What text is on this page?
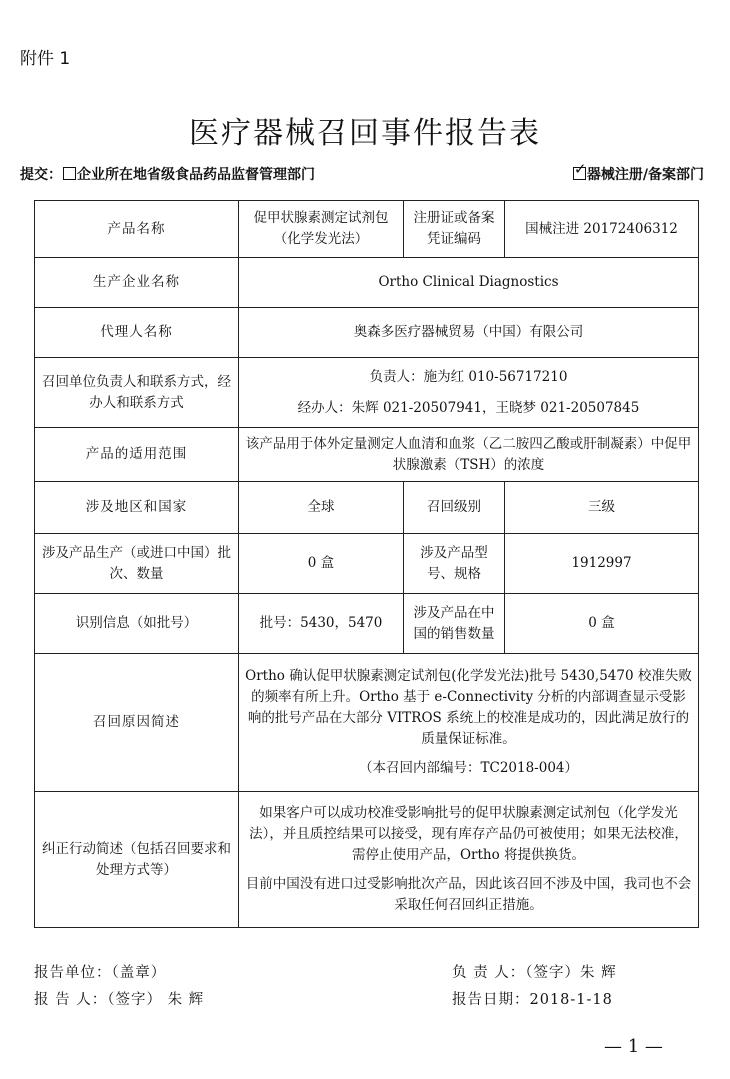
附件 1
医疗器械召回事件报告表
提交： 企业所在地省级食品药品监督管理部门 ✓	器械注册/备案部门
产品名称	促甲状腺素测定试剂包（化学发光法）	注册证或备案凭证编码	国械注进 20172406312
生产企业名称	Ortho Clinical Diagnostics		
代理人名称	奥森多医疗器械贸易（中国）有限公司		
召回单位负责人和联系方式，经办人和联系方式	负责人：施为红 010-56717210

经办人：朱辉 021-20507941，王晓梦 021-20507845		

产品的适用范围	该产品用于体外定量测定人血清和血浆（乙二胺四乙酸或肝制凝素）中促甲状腺激素（TSH）的浓度		
涉及地区和国家	全球	召回级别	三级
涉及产品生产（或进口中国）批次、数量	0 盒	涉及产品型号、规格	1912997
识别信息（如批号）	批号：5430，5470	涉及产品在中国的销售数量	0 盒
召回原因简述	Ortho 确认促甲状腺素测定试剂包(化学发光法)批号 5430,5470 校准失败的频率有所上升。Ortho 基于 e-Connectivity 分析的内部调查显示受影响的批号产品在大部分 VITROS 系统上的校准是成功的，因此满足放行的质量保证标准。

（本召回内部编号：TC2018-004）		

纠正行动简述（包括召回要求和处理方式等）	如果客户可以成功校准受影响批号的促甲状腺素测定试剂包（化学发光法），并且质控结果可以接受，现有库存产品仍可被使用；如果无法校准，需停止使用产品，Ortho 将提供换货。

目前中国没有进口过受影响批次产品，因此该召回不涉及中国，我司也不会采取任何召回纠正措施。		

报告单位：（盖章）
报 告 人：（签字） 朱 辉
负 责 人：（签字）朱 辉
报告日期：2018-1-18
— 1 —
